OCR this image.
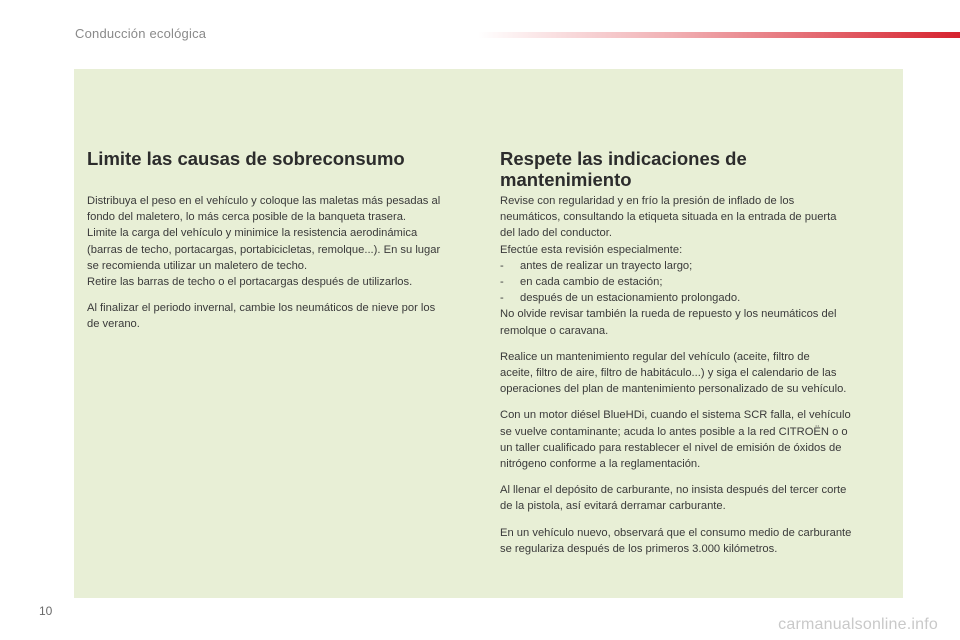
Conducción ecológica
Limite las causas de sobreconsumo

Distribuya el peso en el vehículo y coloque las maletas más pesadas al
fondo del maletero, lo más cerca posible de la banqueta trasera.
Limite la carga del vehículo y minimice la resistencia aerodinámica
(barras de techo, portacargas, portabicicletas, remolque...). En su lugar
se recomienda utilizar un maletero de techo.
Retire las barras de techo o el portacargas después de utilizarlos.

Al finalizar el periodo invernal, cambie los neumáticos de nieve por los
de verano.

Respete las indicaciones de
mantenimiento

Revise con regularidad y en frío la presión de inflado de los
neumáticos, consultando la etiqueta situada en la entrada de puerta
del lado del conductor.
Efectúe esta revisión especialmente:

-	antes de realizar un trayecto largo;
-	en cada cambio de estación;
-	después de un estacionamiento prolongado.

No olvide revisar también la rueda de repuesto y los neumáticos del
remolque o caravana.

Realice un mantenimiento regular del vehículo (aceite, filtro de
aceite, filtro de aire, filtro de habitáculo...) y siga el calendario de las
operaciones del plan de mantenimiento personalizado de su vehículo.

Con un motor diésel BlueHDi, cuando el sistema SCR falla, el vehículo
se vuelve contaminante; acuda lo antes posible a la red CITROËN o o
un taller cualificado para restablecer el nivel de emisión de óxidos de
nitrógeno conforme a la reglamentación.

Al llenar el depósito de carburante, no insista después del tercer corte
de la pistola, así evitará derramar carburante.

En un vehículo nuevo, observará que el consumo medio de carburante
se regulariza después de los primeros 3.000 kilómetros.

10
carmanualsonline.info
